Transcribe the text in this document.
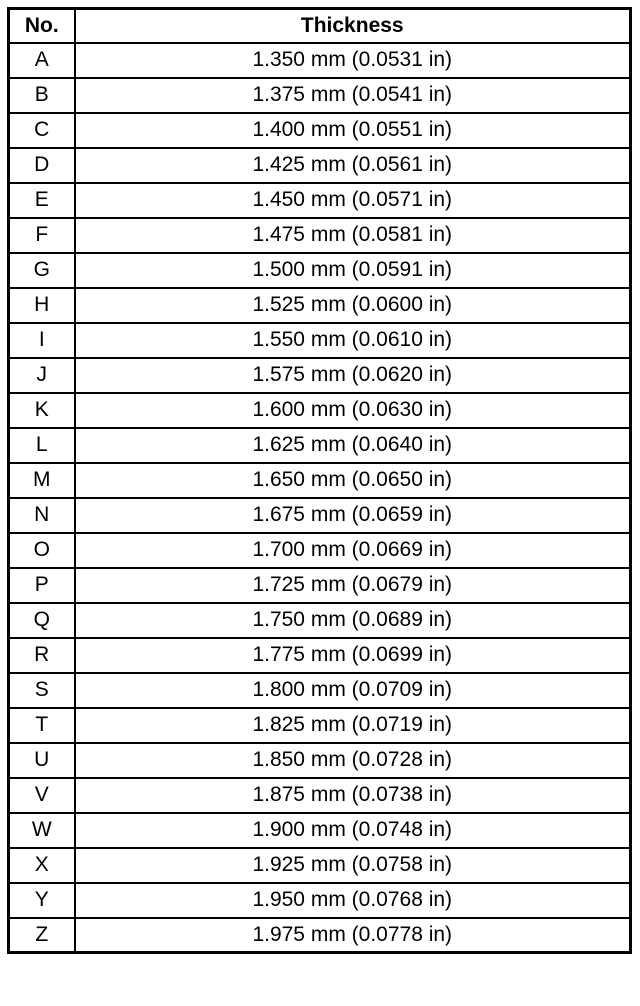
No.	Thickness
A	1.350 mm (0.0531 in)
B	1.375 mm (0.0541 in)
C	1.400 mm (0.0551 in)
D	1.425 mm (0.0561 in)
E	1.450 mm (0.0571 in)
F	1.475 mm (0.0581 in)
G	1.500 mm (0.0591 in)
H	1.525 mm (0.0600 in)
I	1.550 mm (0.0610 in)
J	1.575 mm (0.0620 in)
K	1.600 mm (0.0630 in)
L	1.625 mm (0.0640 in)
M	1.650 mm (0.0650 in)
N	1.675 mm (0.0659 in)
O	1.700 mm (0.0669 in)
P	1.725 mm (0.0679 in)
Q	1.750 mm (0.0689 in)
R	1.775 mm (0.0699 in)
S	1.800 mm (0.0709 in)
T	1.825 mm (0.0719 in)
U	1.850 mm (0.0728 in)
V	1.875 mm (0.0738 in)
W	1.900 mm (0.0748 in)
X	1.925 mm (0.0758 in)
Y	1.950 mm (0.0768 in)
Z	1.975 mm (0.0778 in)
